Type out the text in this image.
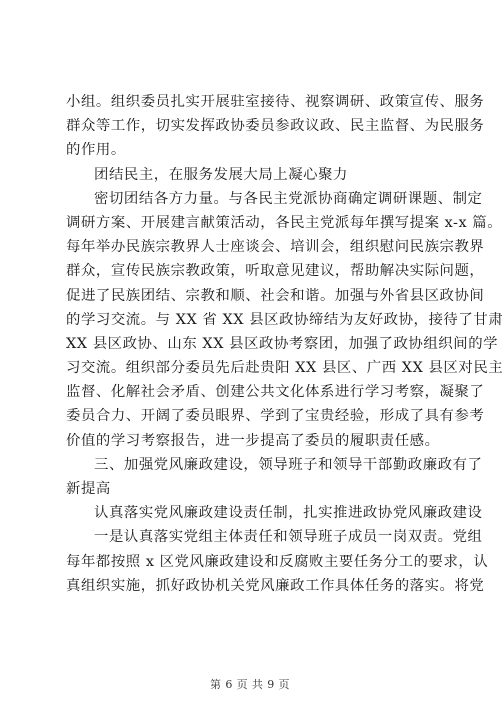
小组。组织委员扎实开展驻室接待、视察调研、政策宣传、服务
群众等工作，切实发挥政协委员参政议政、民主监督、为民服务
的作用。
团结民主，在服务发展大局上凝心聚力
密切团结各方力量。与各民主党派协商确定调研课题、制定
调研方案、开展建言献策活动，各民主党派每年撰写提案 x-x 篇。
每年举办民族宗教界人士座谈会、培训会，组织慰问民族宗教界
群众，宣传民族宗教政策，听取意见建议，帮助解决实际问题，
促进了民族团结、宗教和顺、社会和谐。加强与外省县区政协间
的学习交流。与 XX 省 XX 县区政协缔结为友好政协，接待了甘肃
XX 县区政协、山东 XX 县区政协考察团，加强了政协组织间的学
习交流。组织部分委员先后赴贵阳 XX 县区、广西 XX 县区对民主
监督、化解社会矛盾、创建公共文化体系进行学习考察，凝聚了
委员合力、开阔了委员眼界、学到了宝贵经验，形成了具有参考
价值的学习考察报告，进一步提高了委员的履职责任感。
三、加强党风廉政建设，领导班子和领导干部勤政廉政有了
新提高
认真落实党风廉政建设责任制，扎实推进政协党风廉政建设
一是认真落实党组主体责任和领导班子成员一岗双责。党组
每年都按照 x 区党风廉政建设和反腐败主要任务分工的要求，认
真组织实施，抓好政协机关党风廉政工作具体任务的落实。将党
第 6 页 共 9 页
